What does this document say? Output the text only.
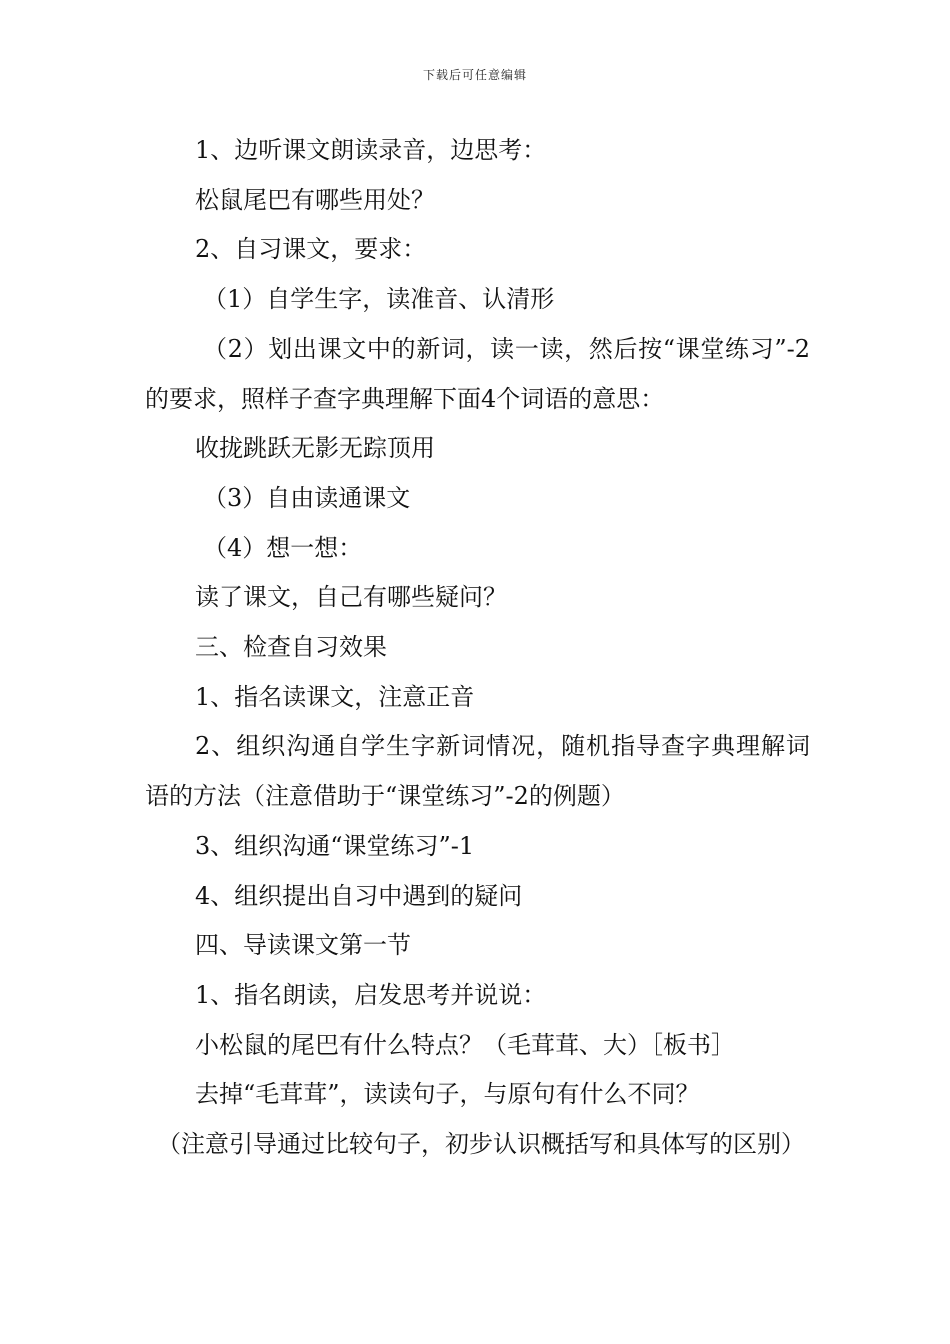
下载后可任意编辑

1、边听课文朗读录音，边思考：

松鼠尾巴有哪些用处？

2、自习课文，要求：

（1）自学生字，读准音、认清形

（2）划出课文中的新词，读一读，然后按“课堂练习”-2的要求，照样子查字典理解下面4个词语的意思：

收拢跳跃无影无踪顶用

（3）自由读通课文

（4）想一想：

读了课文，自己有哪些疑问？

三、检查自习效果

1、指名读课文，注意正音

2、组织沟通自学生字新词情况，随机指导查字典理解词语的方法（注意借助于“课堂练习”-2的例题）

3、组织沟通“课堂练习”-1

4、组织提出自习中遇到的疑问

四、导读课文第一节

1、指名朗读，启发思考并说说：

小松鼠的尾巴有什么特点？（毛茸茸、大）［板书］

去掉“毛茸茸”，读读句子，与原句有什么不同？

（注意引导通过比较句子，初步认识概括写和具体写的区别）
